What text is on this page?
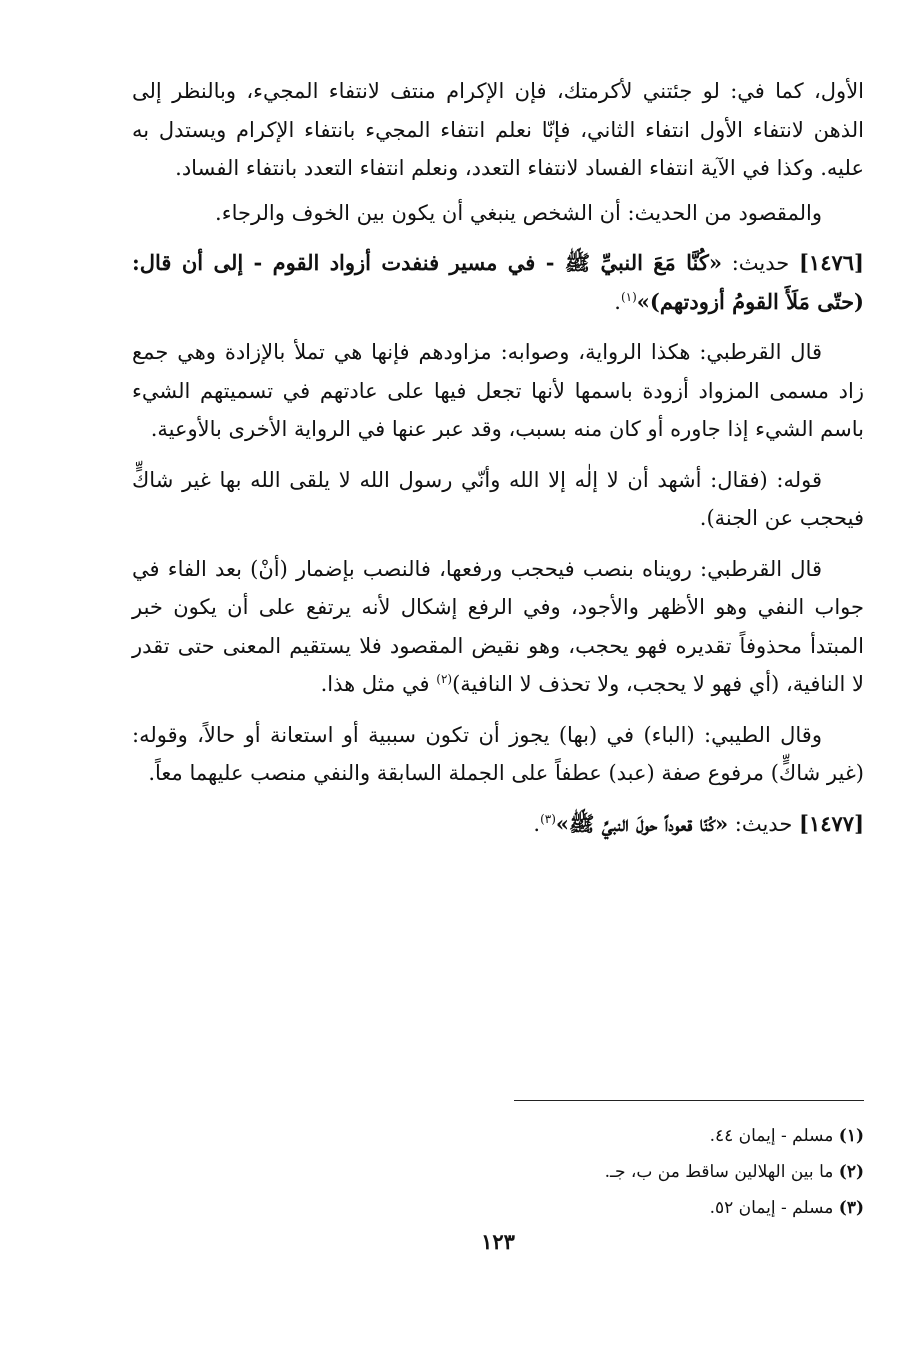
الأول، كما في: لو جئتني لأكرمتك، فإن الإكرام منتف لانتفاء المجيء، وبالنظر إلى الذهن لانتفاء الأول انتفاء الثاني، فإنّا نعلم انتفاء المجيء بانتفاء الإكرام ويستدل به عليه. وكذا في الآية انتفاء الفساد لانتفاء التعدد، ونعلم انتفاء التعدد بانتفاء الفساد.

والمقصود من الحديث: أن الشخص ينبغي أن يكون بين الخوف والرجاء.

[١٤٧٦] حديث: «كُنَّا مَعَ النبيِّ ﷺ - في مسير فنفدت أزواد القوم - إلى أن قال: (حتّى مَلَأَ القومُ أزودتهم)»$^{(١)}$.

قال القرطبي: هكذا الرواية، وصوابه: مزاودهم فإنها هي تملأ بالإزادة وهي جمع زاد مسمى المزواد أزودة باسمها لأنها تجعل فيها على عادتهم في تسميتهم الشيء باسم الشيء إذا جاوره أو كان منه بسبب، وقد عبر عنها في الرواية الأخرى بالأوعية.

قوله: (فقال: أشهد أن لا إلٰه إلا الله وأنّي رسول الله لا يلقى الله بها غير شاكٍّ فيحجب عن الجنة).

قال القرطبي: رويناه بنصب فيحجب ورفعها، فالنصب بإضمار (أنْ) بعد الفاء في جواب النفي وهو الأظهر والأجود، وفي الرفع إشكال لأنه يرتفع على أن يكون خبر المبتدأ محذوفاً تقديره فهو يحجب، وهو نقيض المقصود فلا يستقيم المعنى حتى تقدر لا النافية، (أي فهو لا يحجب، ولا تحذف لا النافية)$^{(٢)}$ في مثل هذا.

وقال الطيبي: (الباء) في (بها) يجوز أن تكون سببية أو استعانة أو حالاً، وقوله: (غير شاكٍّ) مرفوع صفة (عبد) عطفاً على الجملة السابقة والنفي منصب عليهما معاً.

[١٤٧٧] حديث: «كُنّا قعوداً حولَ النبيِّ ﷺ»$^{(٣)}$.

(١) مسلم - إيمان ٤٤.

(٢) ما بين الهلالين ساقط من ب، جـ.

(٣) مسلم - إيمان ٥٢.

١٢٣
